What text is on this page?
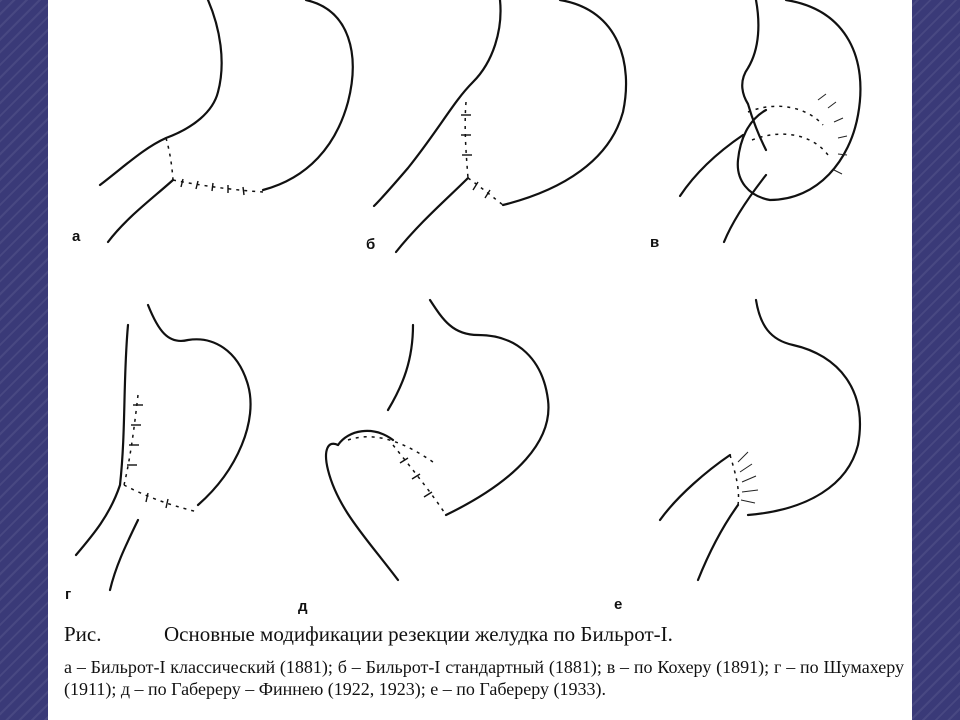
а	б	в
г
д	е
Рис.	Основные модификации резекции желудка по Бильрот-I.
а – Бильрот-I классический (1881); б – Бильрот-I стандартный (1881); в – по Кохеру (1891); г – по Шумахеру (1911); д – по Габереру – Финнею (1922, 1923); е – по Габереру (1933).
